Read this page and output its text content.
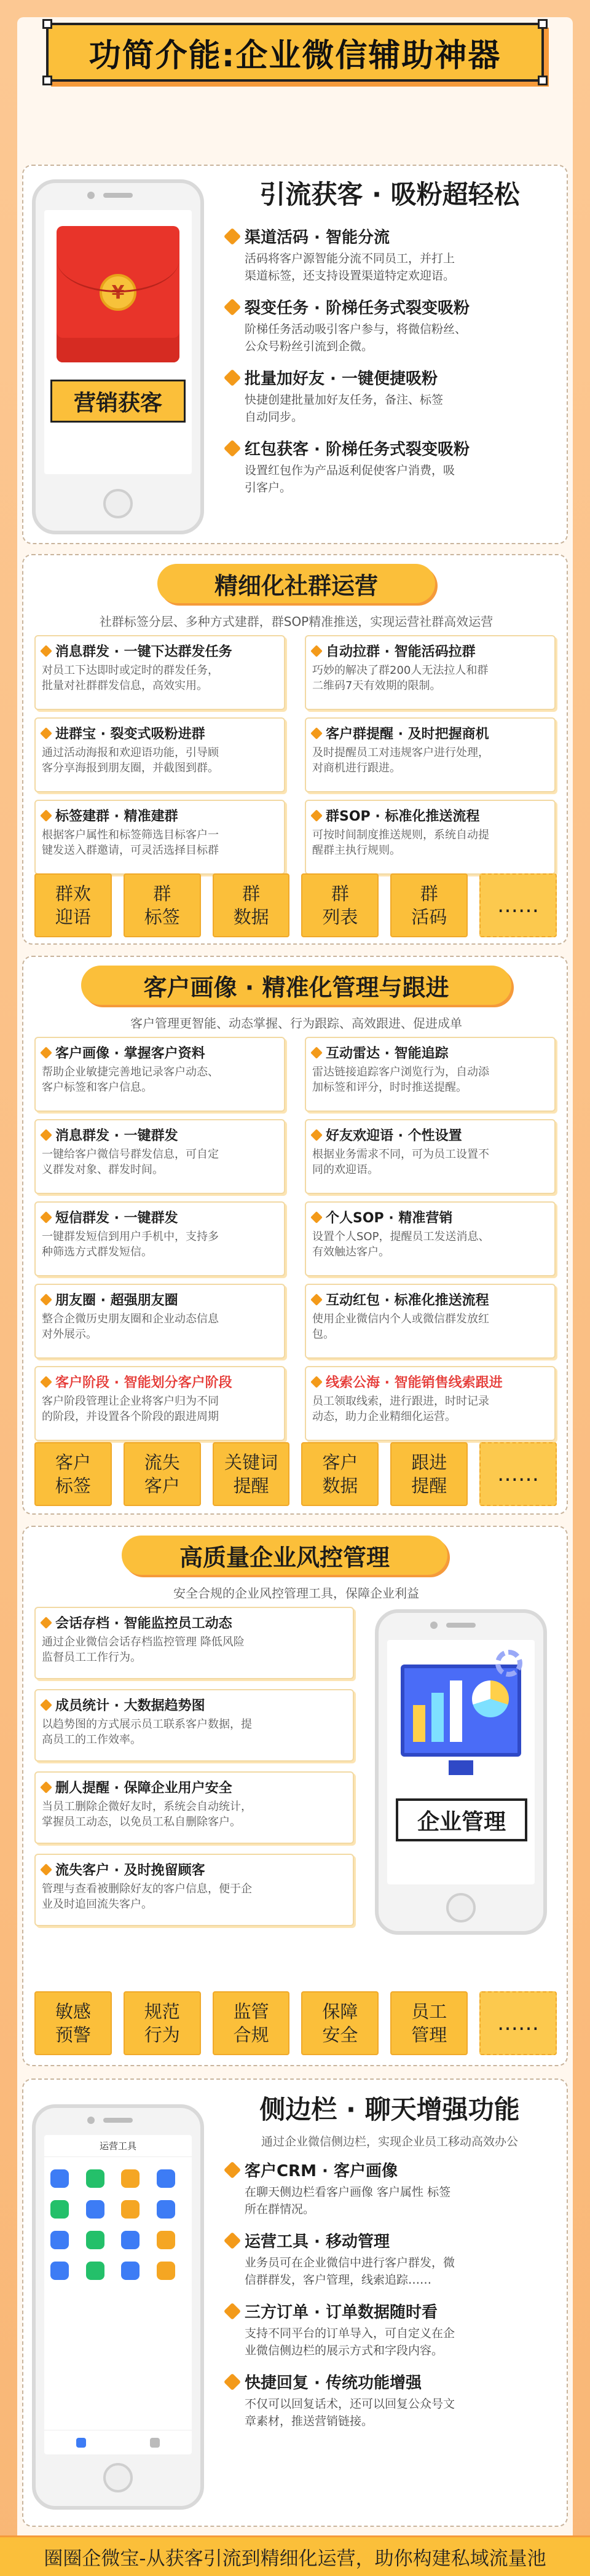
功简介能:企业微信辅助神器
¥
营销获客
引流获客 · 吸粉超轻松
渠道活码 · 智能分流
活码将客户源智能分流不同员工，并打上
渠道标签，还支持设置渠道特定欢迎语。
裂变任务 · 阶梯任务式裂变吸粉
阶梯任务活动吸引客户参与，将微信粉丝、
公众号粉丝引流到企微。
批量加好友 · 一键便捷吸粉
快捷创建批量加好友任务，备注、标签
自动同步。
红包获客 · 阶梯任务式裂变吸粉
设置红包作为产品返利促使客户消费，吸
引客户。
精细化社群运营
社群标签分层、多种方式建群，群SOP精准推送，实现运营社群高效运营
消息群发 · 一键下达群发任务
对员工下达即时或定时的群发任务，
批量对社群群发信息，高效实用。
自动拉群 · 智能活码拉群
巧妙的解决了群200人无法拉人和群
二维码7天有效期的限制。
进群宝 · 裂变式吸粉进群
通过活动海报和欢迎语功能，引导顾
客分享海报到朋友圈，并截图到群。
客户群提醒 · 及时把握商机
及时提醒员工对违规客户进行处理，
对商机进行跟进。
标签建群 · 精准建群
根据客户属性和标签筛选目标客户一
键发送入群邀请，可灵活选择目标群
群SOP · 标准化推送流程
可按时间制度推送规则，系统自动提
醒群主执行规则。
群欢
迎语
群
标签
群
数据
群
列表
群
活码	……
客户画像 · 精准化管理与跟进
客户管理更智能、动态掌握、行为跟踪、高效跟进、促进成单
客户画像 · 掌握客户资料
帮助企业敏捷完善地记录客户动态、
客户标签和客户信息。
互动雷达 · 智能追踪
雷达链接追踪客户浏览行为，自动添
加标签和评分，时时推送提醒。
消息群发 · 一键群发
一键给客户微信号群发信息，可自定
义群发对象、群发时间。
好友欢迎语 · 个性设置
根据业务需求不同，可为员工设置不
同的欢迎语。
短信群发 · 一键群发
一键群发短信到用户手机中，支持多
种筛选方式群发短信。
个人SOP · 精准营销
设置个人SOP，提醒员工发送消息、
有效触达客户。
朋友圈 · 超强朋友圈
整合企微历史朋友圈和企业动态信息
对外展示。
互动红包 · 标准化推送流程
使用企业微信内个人或微信群发放红
包。
客户阶段 · 智能划分客户阶段
客户阶段管理让企业将客户归为不同
的阶段，并设置各个阶段的跟进周期
线索公海 · 智能销售线索跟进
员工领取线索，进行跟进，时时记录
动态，助力企业精细化运营。
客户
标签
流失
客户
关键词
提醒
客户
数据
跟进
提醒	……
高质量企业风控管理
安全合规的企业风控管理工具，保障企业利益
会话存档 · 智能监控员工动态
通过企业微信会话存档监控管理 降低风险
监督员工工作行为。
成员统计 · 大数据趋势图
以趋势图的方式展示员工联系客户数据，提
高员工的工作效率。
删人提醒 · 保障企业用户安全
当员工删除企微好友时，系统会自动统计，
掌握员工动态，以免员工私自删除客户。
流失客户 · 及时挽留顾客
管理与查看被删除好友的客户信息，便于企
业及时追回流失客户。
企业管理
敏感
预警
规范
行为
监管
合规
保障
安全
员工
管理	……
运营工具
侧边栏 · 聊天增强功能
通过企业微信侧边栏，实现企业员工移动高效办公
客户CRM · 客户画像
在聊天侧边栏看客户画像 客户属性 标签
所在群情况。
运营工具 · 移动管理
业务员可在企业微信中进行客户群发，微
信群群发，客户管理，线索追踪……
三方订单 · 订单数据随时看
支持不同平台的订单导入，可自定义在企
业微信侧边栏的展示方式和字段内容。
快捷回复 · 传统功能增强
不仅可以回复话术，还可以回复公众号文
章素材，推送营销链接。
圈圈企微宝-从获客引流到精细化运营，助你构建私域流量池
